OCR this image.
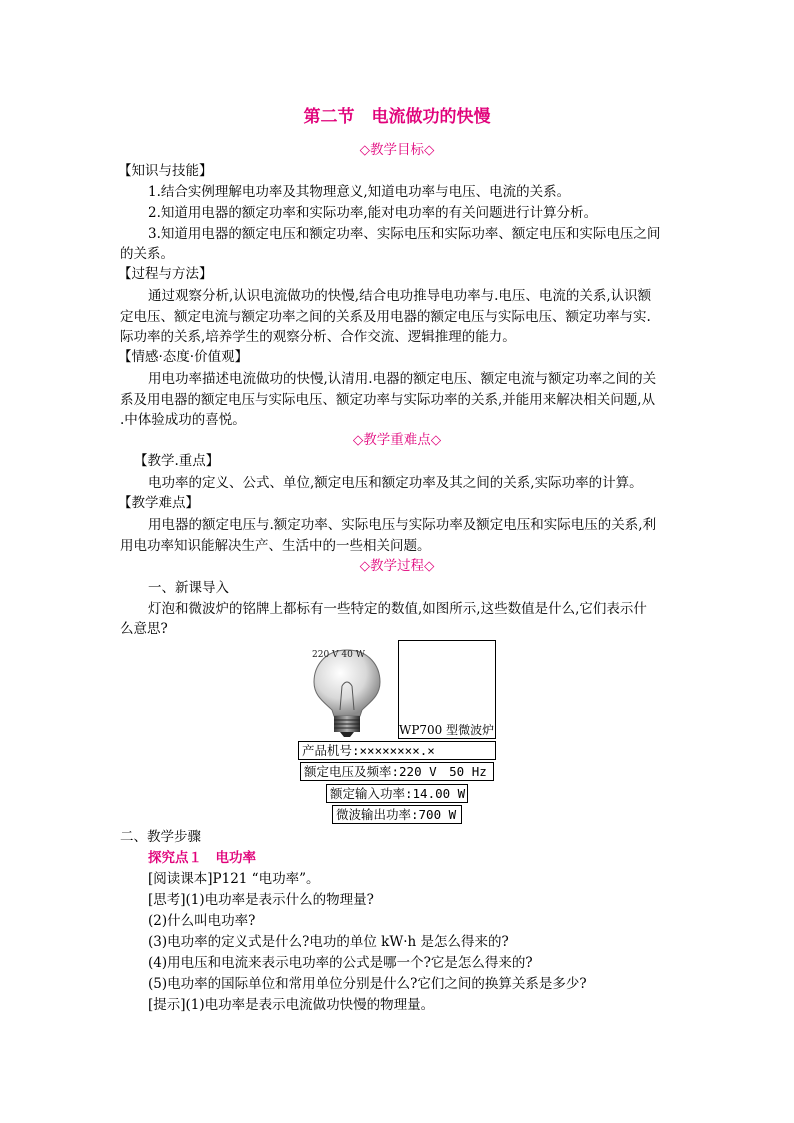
第二节　电流做功的快慢
◇教学目标◇
【知识与技能】
1.结合实例理解电功率及其物理意义,知道电功率与电压、电流的关系。
2.知道用电器的额定功率和实际功率,能对电功率的有关问题进行计算分析。
3.知道用电器的额定电压和额定功率、实际电压和实际功率、额定电压和实际电压之间
的关系。
【过程与方法】
通过观察分析,认识电流做功的快慢,结合电功推导电功率与.电压、电流的关系,认识额
定电压、额定电流与额定功率之间的关系及用电器的额定电压与实际电压、额定功率与实.
际功率的关系,培养学生的观察分析、合作交流、逻辑推理的能力。
【情感·态度·价值观】
用电功率描述电流做功的快慢,认清用.电器的额定电压、额定电流与额定功率之间的关
系及用电器的额定电压与实际电压、额定功率与实际功率的关系,并能用来解决相关问题,从
.中体验成功的喜悦。
◇教学重难点◇
【教学.重点】
电功率的定义、公式、单位,额定电压和额定功率及其之间的关系,实际功率的计算。
【教学难点】
用电器的额定电压与.额定功率、实际电压与实际功率及额定电压和实际电压的关系,利
用电功率知识能解决生产、生活中的一些相关问题。
◇教学过程◇
一、新课导入
灯泡和微波炉的铭牌上都标有一些特定的数值,如图所示,这些数值是什么,它们表示什
么意思?
220 V 40 W
WP700 型微波炉
产品机号:××××××××.×
额定电压及频率:220 V　50 Hz
额定输入功率:14.00 W
微波输出功率:700 W
二、教学步骤
探究点１　电功率
[阅读课本]P121 “电功率”。
[思考](1)电功率是表示什么的物理量?
(2)什么叫电功率?
(3)电功率的定义式是什么?电功的单位 kW·h 是怎么得来的?
(4)用电压和电流来表示电功率的公式是哪一个?它是怎么得来的?
(5)电功率的国际单位和常用单位分别是什么?它们之间的换算关系是多少?
[提示](1)电功率是表示电流做功快慢的物理量。
